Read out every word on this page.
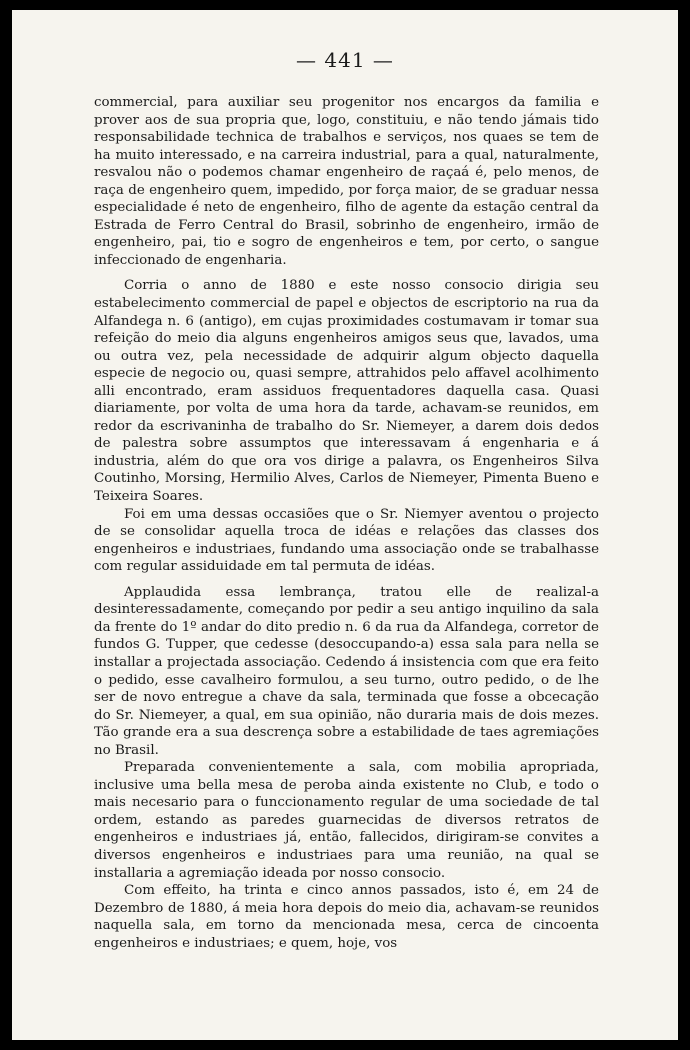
— 441 —

commercial, para auxiliar seu progenitor nos encargos da familia e prover aos de sua propria que, logo, constituiu, e não tendo jámais tido responsabilidade technica de trabalhos e serviços, nos quaes se tem de ha muito interessado, e na carreira industrial, para a qual, naturalmente, resvalou não o podemos chamar engenheiro de raçaá é, pelo menos, de raça de engenheiro quem, impedido, por força maior, de se graduar nessa especialidade é neto de engenheiro, filho de agente da estação central da Estrada de Ferro Central do Brasil, sobrinho de engenheiro, irmão de engenheiro, pai, tio e sogro de engenheiros e tem, por certo, o sangue infeccionado de engenharia.

Corria o anno de 1880 e este nosso consocio dirigia seu estabelecimento commercial de papel e objectos de escriptorio na rua da Alfandega n. 6 (antigo), em cujas proximidades costumavam ir tomar sua refeição do meio dia alguns engenheiros amigos seus que, lavados, uma ou outra vez, pela necessidade de adquirir algum objecto daquella especie de negocio ou, quasi sempre, attrahidos pelo affavel acolhimento alli encontrado, eram assiduos frequentadores daquella casa. Quasi diariamente, por volta de uma hora da tarde, achavam-se reunidos, em redor da escrivaninha de trabalho do Sr. Niemeyer, a darem dois dedos de palestra sobre assumptos que interessavam á engenharia e á industria, além do que ora vos dirige a palavra, os Engenheiros Silva Coutinho, Morsing, Hermilio Alves, Carlos de Niemeyer, Pimenta Bueno e Teixeira Soares.

Foi em uma dessas occasiões que o Sr. Niemyer aventou o projecto de se consolidar aquella troca de idéas e relações das classes dos engenheiros e industriaes, fundando uma associação onde se trabalhasse com regular assiduidade em tal permuta de idéas.

Applaudida essa lembrança, tratou elle de realizal-a desinteressadamente, começando por pedir a seu antigo inquilino da sala da frente do 1º andar do dito predio n. 6 da rua da Alfandega, corretor de fundos G. Tupper, que cedesse (desoccupando-a) essa sala para nella se installar a projectada associação. Cedendo á insistencia com que era feito o pedido, esse cavalheiro formulou, a seu turno, outro pedido, o de lhe ser de novo entregue a chave da sala, terminada que fosse a obcecação do Sr. Niemeyer, a qual, em sua opinião, não duraria mais de dois mezes. Tão grande era a sua descrença sobre a estabilidade de taes agremiações no Brasil.

Preparada convenientemente a sala, com mobilia apropriada, inclusive uma bella mesa de peroba ainda existente no Club, e todo o mais necesario para o funccionamento regular de uma sociedade de tal ordem, estando as paredes guarnecidas de diversos retratos de engenheiros e industriaes já, então, fallecidos, dirigiram-se convites a diversos engenheiros e industriaes para uma reunião, na qual se installaria a agremiação ideada por nosso consocio.

Com effeito, ha trinta e cinco annos passados, isto é, em 24 de Dezembro de 1880, á meia hora depois do meio dia, achavam-se reunidos naquella sala, em torno da mencionada mesa, cerca de cincoenta engenheiros e industriaes; e quem, hoje, vos
